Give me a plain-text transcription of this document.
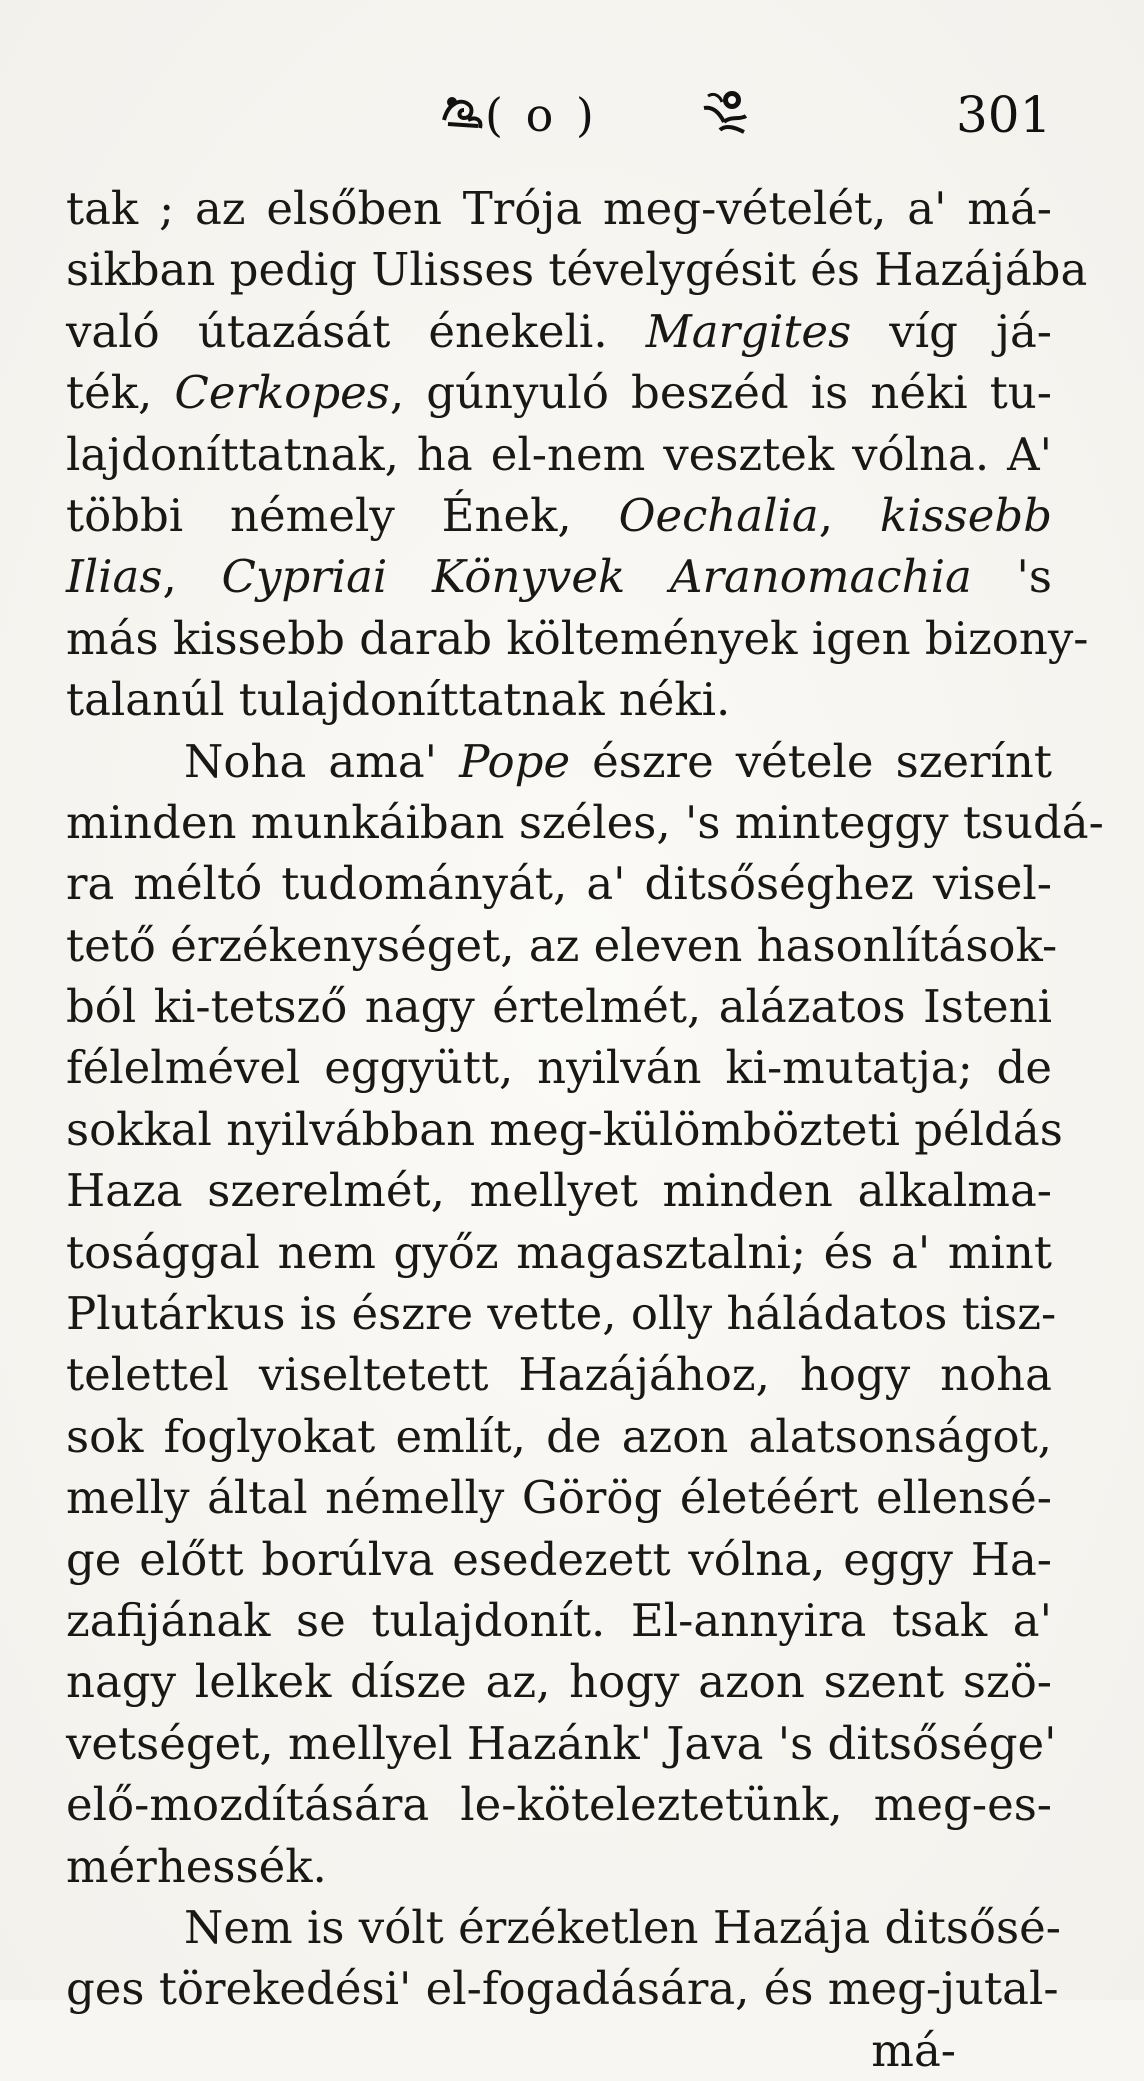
( o )	301
tak ; az elsőben Trója meg-vételét, a' má-
sikban pedig Ulisses tévelygésit és Hazájába
való útazását énekeli. Margites víg já-
ték, Cerkopes, gúnyuló beszéd is néki tu-
lajdoníttatnak, ha el-nem vesztek vólna. A'
többi némely Ének, Oechalia, kissebb
Ilias, Cypriai Könyvek Aranomachia 's
más kissebb darab költemények igen bizony-
talanúl tulajdoníttatnak néki.
Noha ama' Pope észre vétele szerínt
minden munkáiban széles, 's minteggy tsudá-
ra méltó tudományát, a' ditsőséghez visel-
tető érzékenységet, az eleven hasonlítások-
ból ki-tetsző nagy értelmét, alázatos Isteni
félelmével eggyütt, nyilván ki-mutatja; de
sokkal nyilvábban meg-külömbözteti példás
Haza szerelmét, mellyet minden alkalma-
tosággal nem győz magasztalni; és a' mint
Plutárkus is észre vette, olly háládatos tisz-
telettel viseltetett Hazájához, hogy noha
sok foglyokat említ, de azon alatsonságot,
melly által némelly Görög életéért ellensé-
ge előtt borúlva esedezett vólna, eggy Ha-
zafijának se tulajdonít. El-annyira tsak a'
nagy lelkek dísze az, hogy azon szent szö-
vetséget, mellyel Hazánk' Java 's ditsősége'
elő-mozdítására le-köteleztetünk, meg-es-
mérhessék.
Nem is vólt érzéketlen Hazája ditsősé-
ges törekedési' el-fogadására, és meg-jutal-
má-
